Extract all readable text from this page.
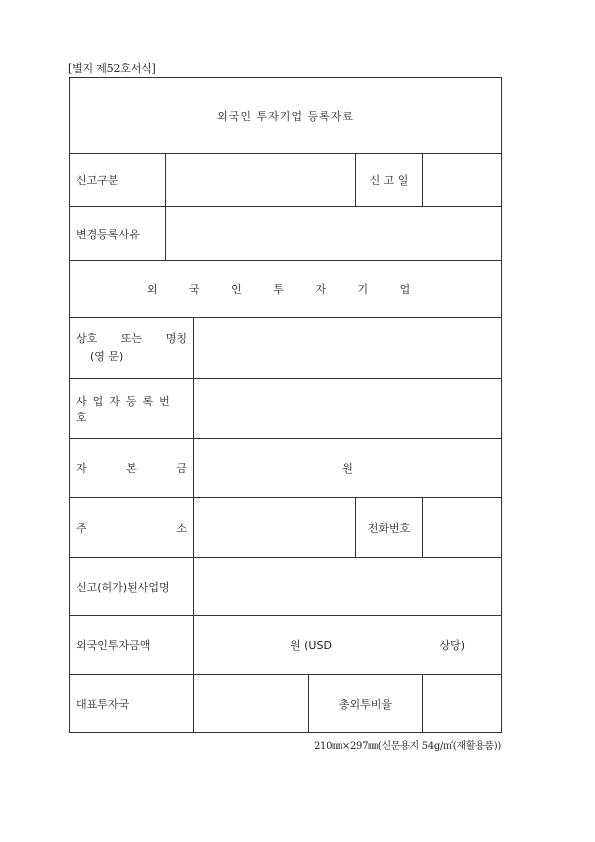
[별지 제52호서식]
외국인 투자기업 등록자료					
신고구분				신 고 일	
변경등록사유					
외 국 인 투 자 기 업					

상호 또는 명칭
(영 문)					

사업자등록번호					

자 본 금		원			

주 소				전화번호	
신고(허가)된사업명					
외국인투자금액		원 (USD 상당)			

대표투자국			총외투비율		
210㎜×297㎜(신문용지 54g/㎡(재활용품))
